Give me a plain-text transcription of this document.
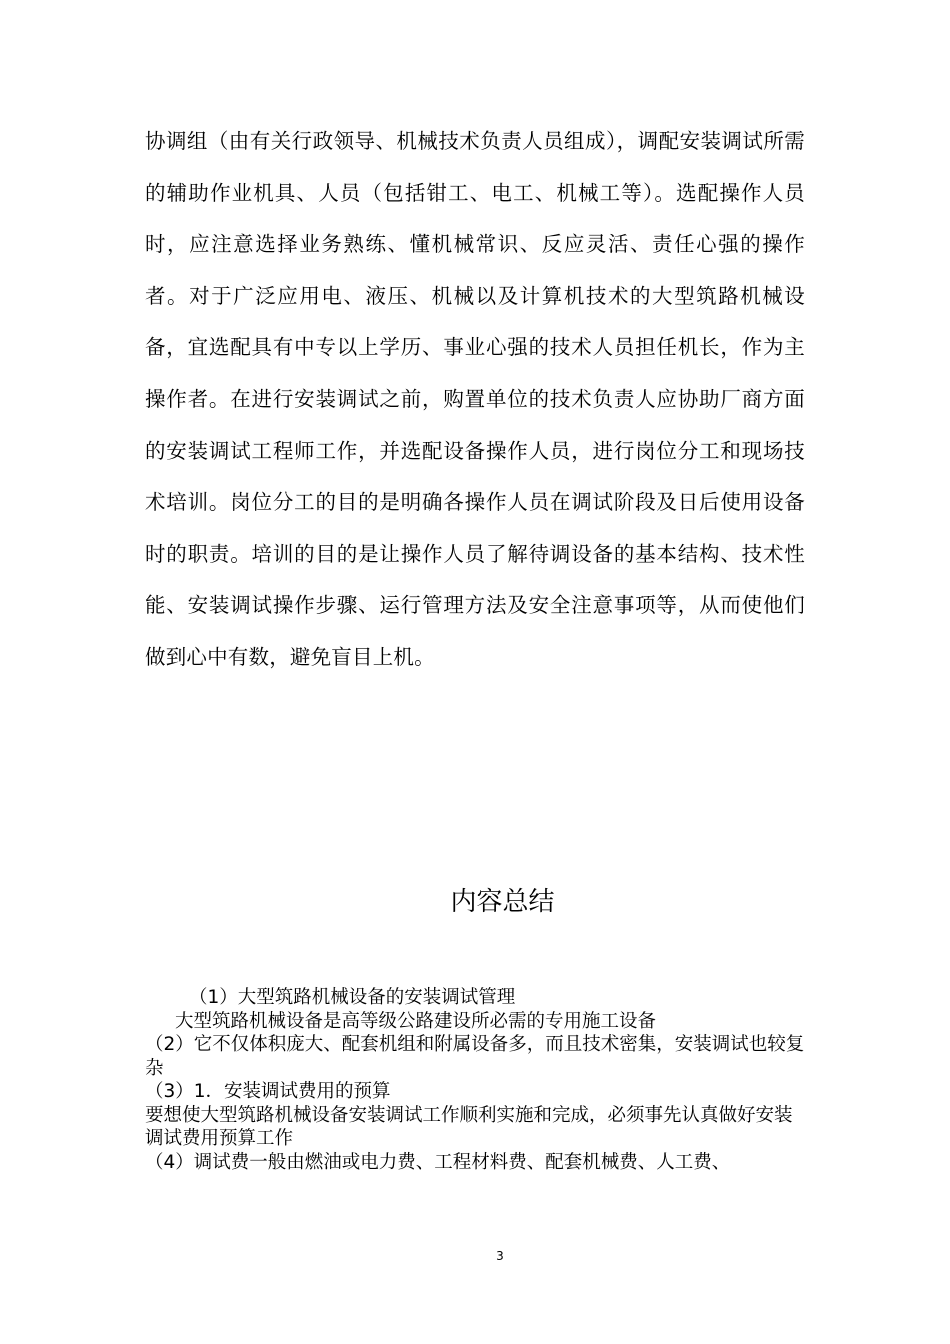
协调组（由有关行政领导、机械技术负责人员组成），调配安装调试所需的辅助作业机具、人员（包括钳工、电工、机械工等）。选配操作人员时，应注意选择业务熟练、懂机械常识、反应灵活、责任心强的操作者。对于广泛应用电、液压、机械以及计算机技术的大型筑路机械设备，宜选配具有中专以上学历、事业心强的技术人员担任机长，作为主操作者。在进行安装调试之前，购置单位的技术负责人应协助厂商方面的安装调试工程师工作，并选配设备操作人员，进行岗位分工和现场技术培训。岗位分工的目的是明确各操作人员在调试阶段及日后使用设备时的职责。培训的目的是让操作人员了解待调设备的基本结构、技术性能、安装调试操作步骤、运行管理方法及安全注意事项等，从而使他们做到心中有数，避免盲目上机。

内容总结

（1）大型筑路机械设备的安装调试管理

大型筑路机械设备是高等级公路建设所必需的专用施工设备

（2）它不仅体积庞大、配套机组和附属设备多，而且技术密集，安装调试也较复杂

（3）1．安装调试费用的预算

要想使大型筑路机械设备安装调试工作顺利实施和完成，必须事先认真做好安装调试费用预算工作

（4）调试费一般由燃油或电力费、工程材料费、配套机械费、人工费、

3
